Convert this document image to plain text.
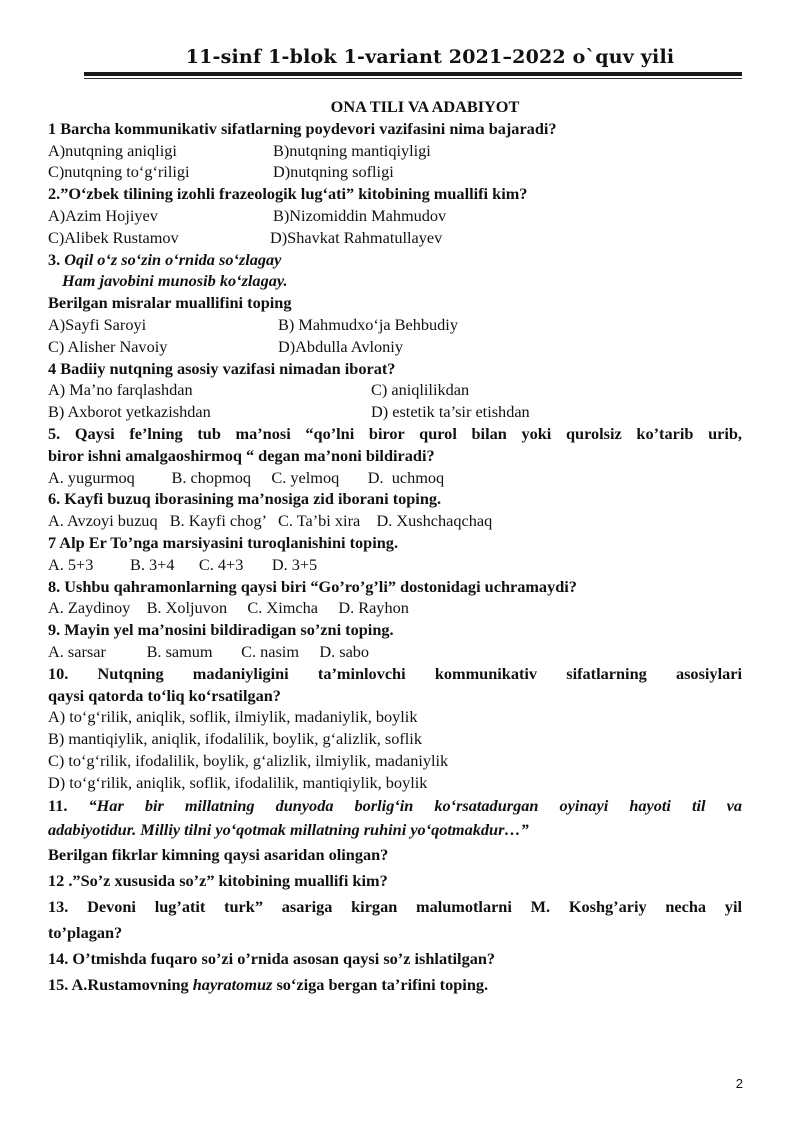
11-sinf 1-blok 1-variant 2021–2022 o`quv yili
ONA TILI VA ADABIYOT
1 Barcha kommunikativ sifatlarning poydevori vazifasini nima bajaradi?
A)nutqning aniqligi	B)nutqning mantiqiyligi
C)nutqning to‘g‘riligi	D)nutqning sofligi
2.”O‘zbek tilining izohli frazeologik lug‘ati” kitobining muallifi kim?
A)Azim Hojiyev	B)Nizomiddin Mahmudov
C)Alibek Rustamov	D)Shavkat Rahmatullayev
3. Oqil o‘z so‘zin o‘rnida so‘zlagay
Ham javobini munosib ko‘zlagay.
Berilgan misralar muallifini toping
A)Sayfi Saroyi	B) Mahmudxo‘ja Behbudiy
C) Alisher Navoiy	D)Abdulla Avloniy
4 Badiiy nutqning asosiy vazifasi nimadan iborat?
A) Ma’no farqlashdan	C) aniqlilikdan
B) Axborot yetkazishdan	D) estetik ta’sir etishdan
5. Qaysi fe’lning tub ma’nosi “qo’lni biror qurol bilan yoki qurolsiz ko’tarib urib,
biror ishni amalgaoshirmoq “ degan ma’noni bildiradi?
A. yugurmoq         B. chopmoq     C. yelmoq       D.  uchmoq
6. Kayfi buzuq iborasining ma’nosiga zid iborani toping.
A. Avzoyi buzuq   B. Kayfi chog’   C. Ta’bi xira    D. Xushchaqchaq
7 Alp Er To’nga marsiyasini turoqlanishini toping.
A. 5+3         B. 3+4      C. 4+3       D. 3+5
8. Ushbu qahramonlarning qaysi biri “Go’ro’g’li” dostonidagi uchramaydi?
A. Zaydinoy    B. Xoljuvon     C. Ximcha     D. Rayhon
9. Mayin yel ma’nosini bildiradigan so’zni toping.
A. sarsar          B. samum       C. nasim     D. sabo
10. Nutqning madaniyligini ta’minlovchi kommunikativ sifatlarning asosiylari
qaysi qatorda to‘liq ko‘rsatilgan?
A) to‘g‘rilik, aniqlik, soflik, ilmiylik, madaniylik, boylik
B) mantiqiylik, aniqlik, ifodalilik, boylik, g‘alizlik, soflik
C) to‘g‘rilik, ifodalilik, boylik, g‘alizlik, ilmiylik, madaniylik
D) to‘g‘rilik, aniqlik, soflik, ifodalilik, mantiqiylik, boylik
11. “Har bir millatning dunyoda borlig‘in ko‘rsatadurgan oyinayi hayoti til va
adabiyotidur. Milliy tilni yo‘qotmak millatning ruhini yo‘qotmakdur…”
Berilgan fikrlar kimning qaysi asaridan olingan?
12 .”So’z xususida so’z” kitobining muallifi kim?
13. Devoni lug’atit turk” asariga kirgan malumotlarni M. Koshg’ariy necha yil
to’plagan?
14. O’tmishda fuqaro so’zi o’rnida asosan qaysi so’z ishlatilgan?
15. A.Rustamovning hayratomuz so‘ziga bergan ta’rifini toping.
2
